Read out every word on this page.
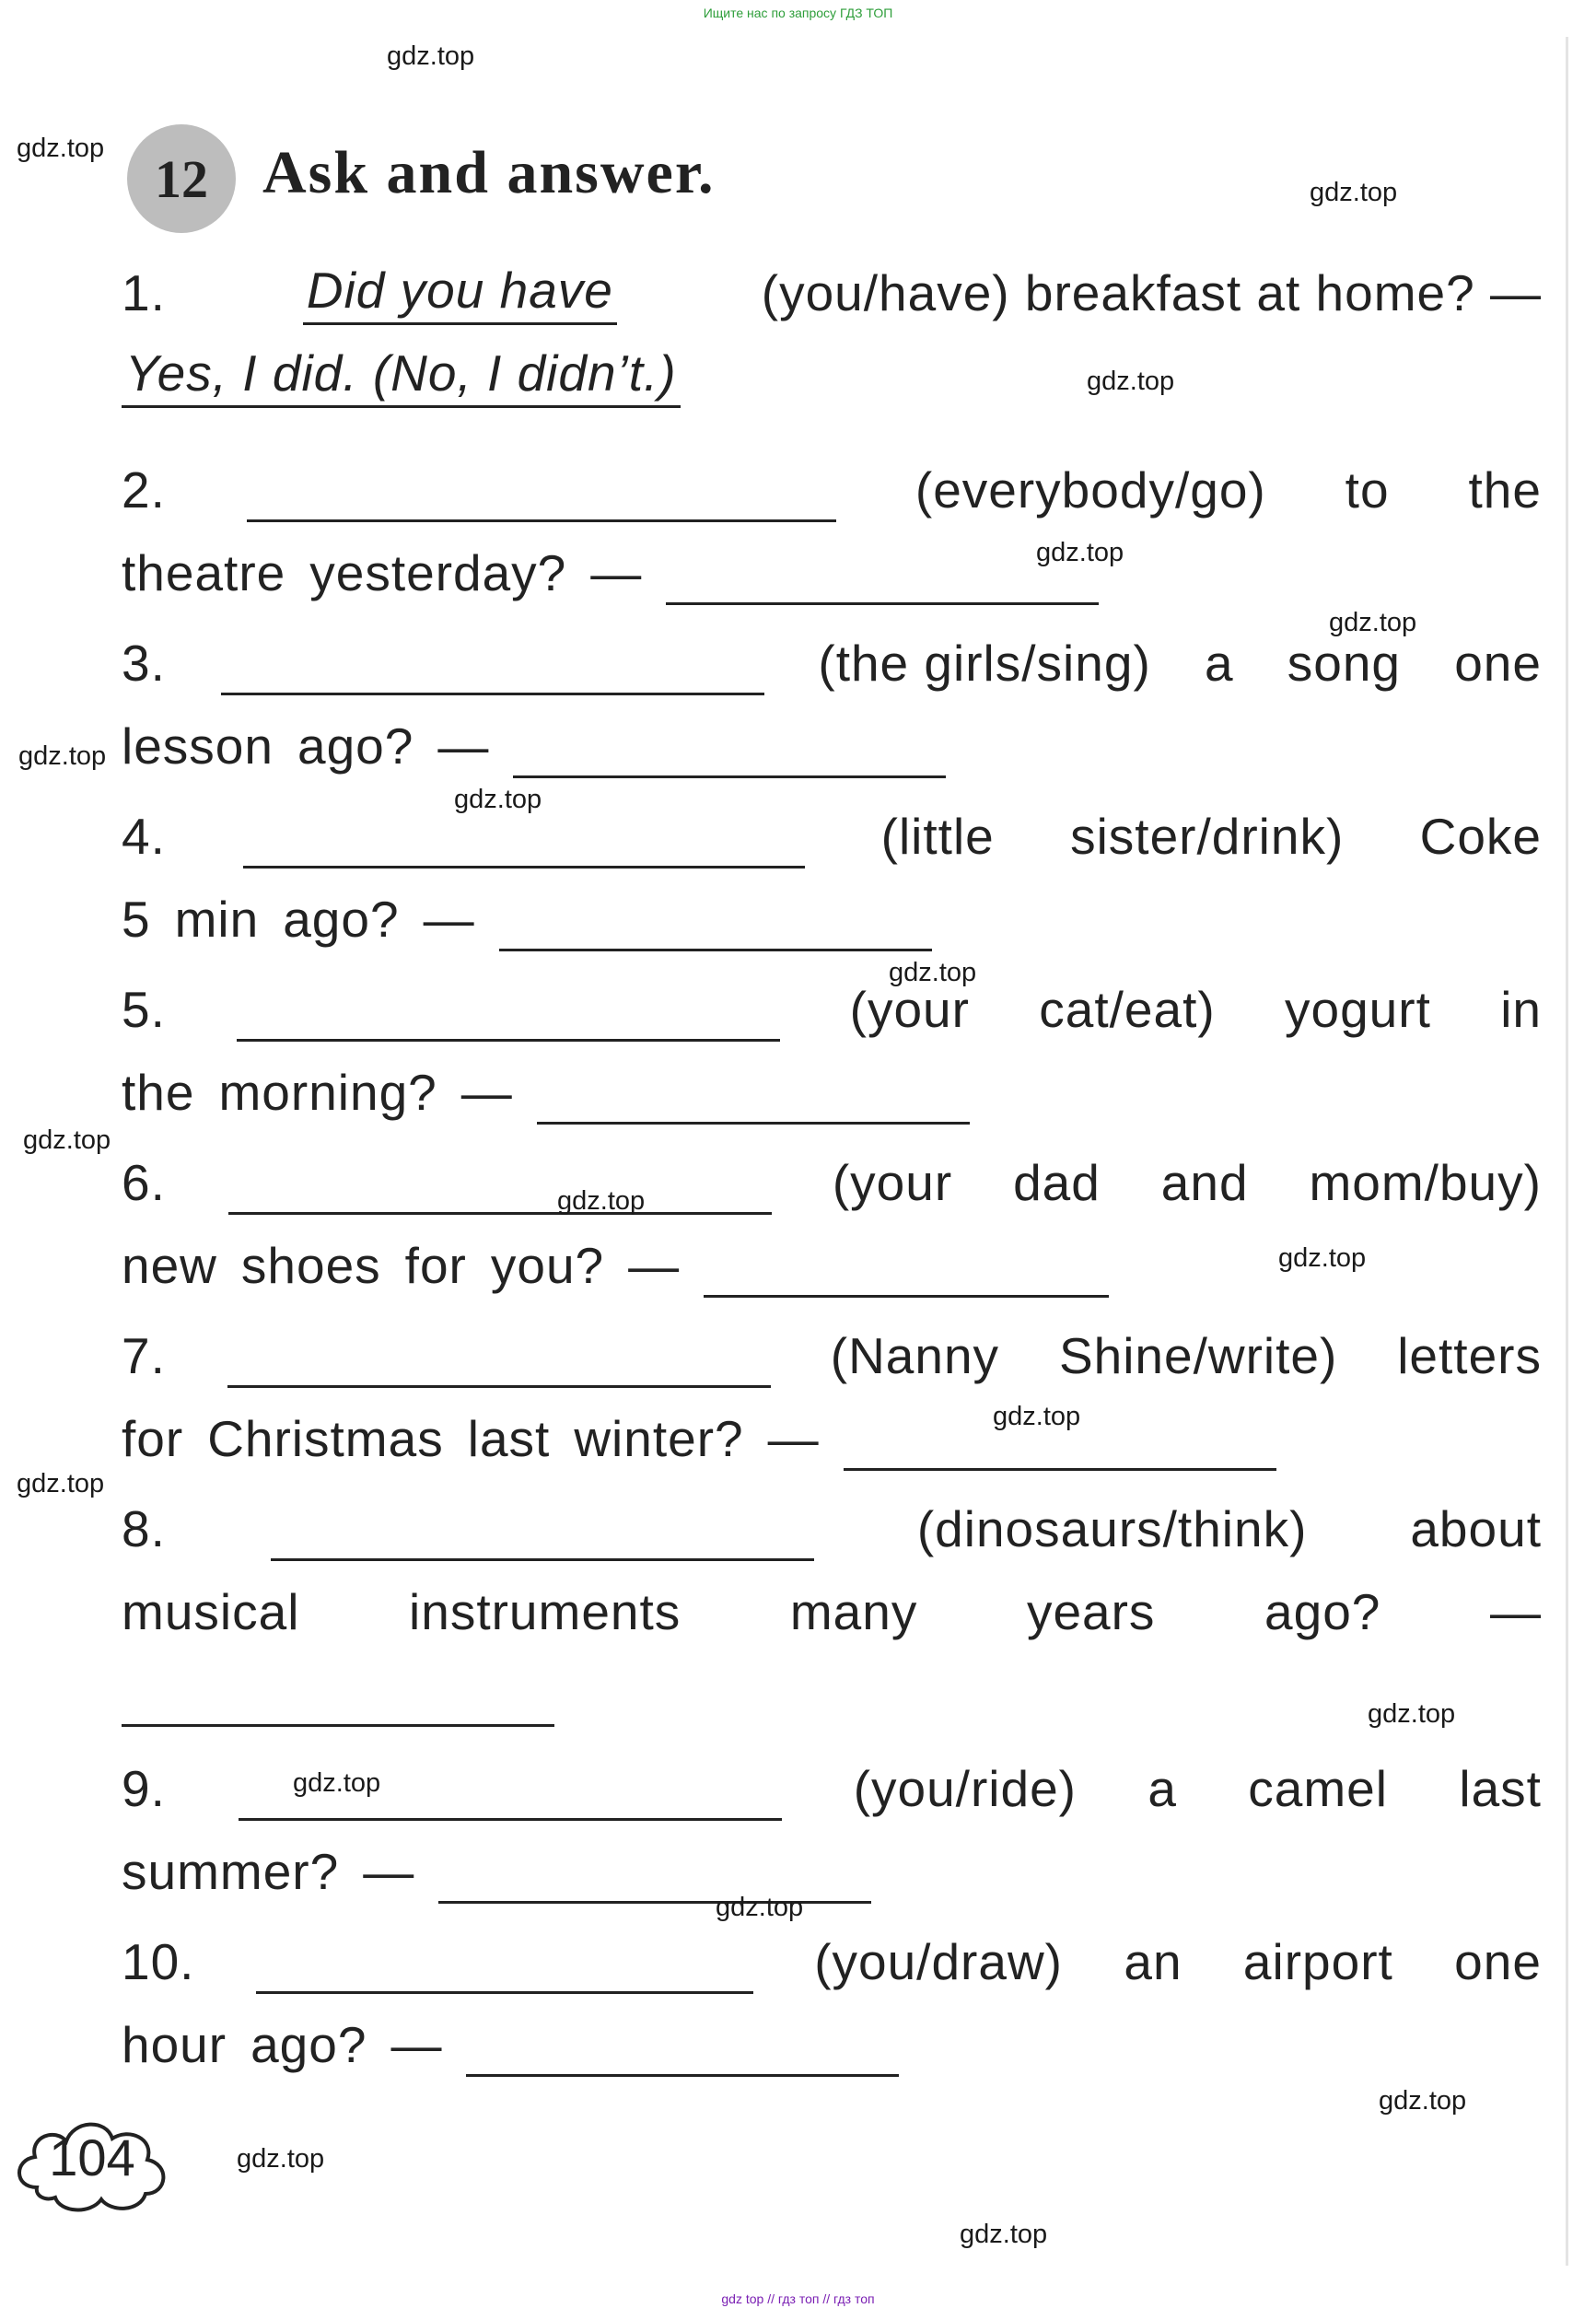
Ищите нас по запросу ГДЗ ТОП
12 Ask and answer.
1.	Did you have	(you/have) breakfast at home? —
Yes, I did. (No, I didn’t.)
2.	(everybody/go) to the
theatre yesterday? —
3.	(the girls/sing) a song one
lesson ago? —
4.	(little sister/drink) Coke
5 min ago? —
5.	(your cat/eat) yogurt in
the morning? —
6.	(your dad and mom/buy)
new shoes for you? —
7.	(Nanny Shine/write) letters
for Christmas last winter? —
8.	(dinosaurs/think) about
musical instruments many years ago? —
9.	(you/ride) a camel last
summer? —
10.	(you/draw) an airport one
hour ago? —
104
gdz.top
gdz.top
gdz.top
gdz.top
gdz.top
gdz.top
gdz.top
gdz.top
gdz.top
gdz.top
gdz.top
gdz.top
gdz.top
gdz.top
gdz.top
gdz.top
gdz.top
gdz.top
gdz.top
gdz.top
gdz top // гдз топ // гдз топ
